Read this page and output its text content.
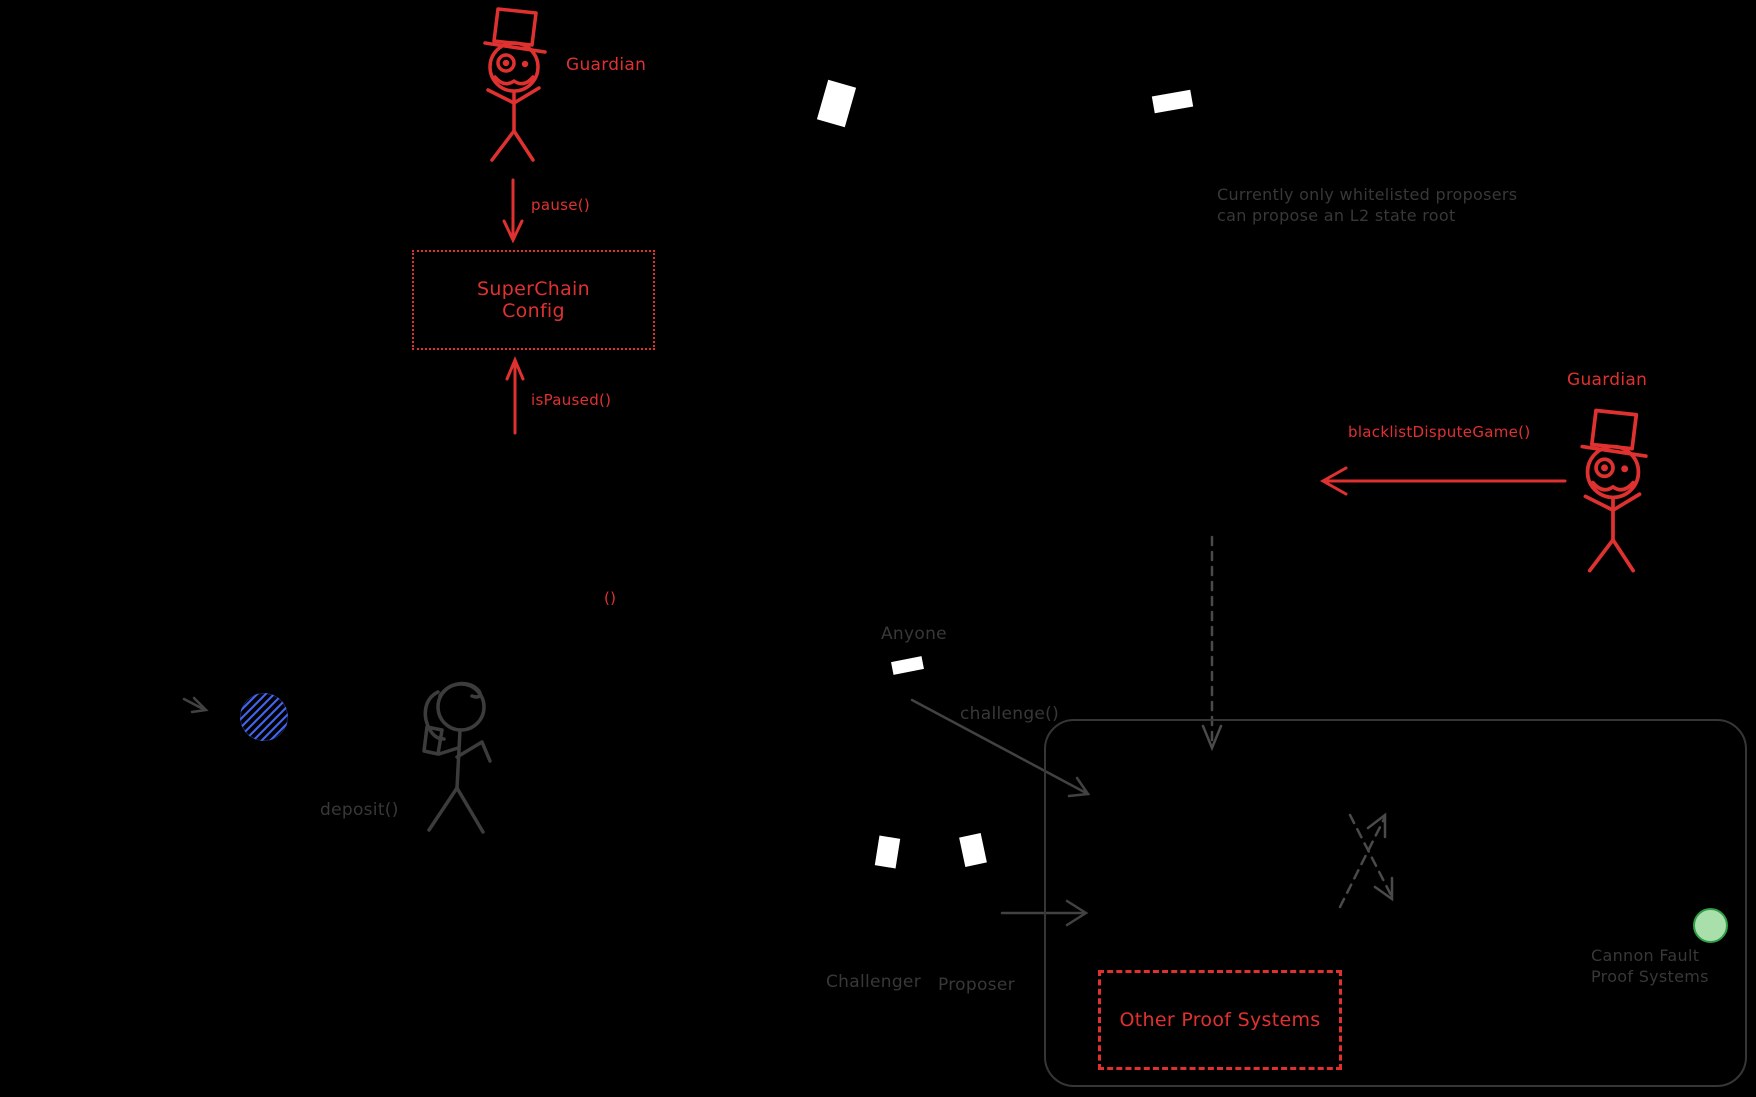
SuperChain
Config
Other Proof Systems
Guardian
pause()
isPaused()
Guardian
blacklistDisputeGame()
()
Currently only whitelisted proposers
can propose an L2 state root
Anyone
challenge()
deposit()
Challenger Proposer
Cannon Fault
Proof Systems
